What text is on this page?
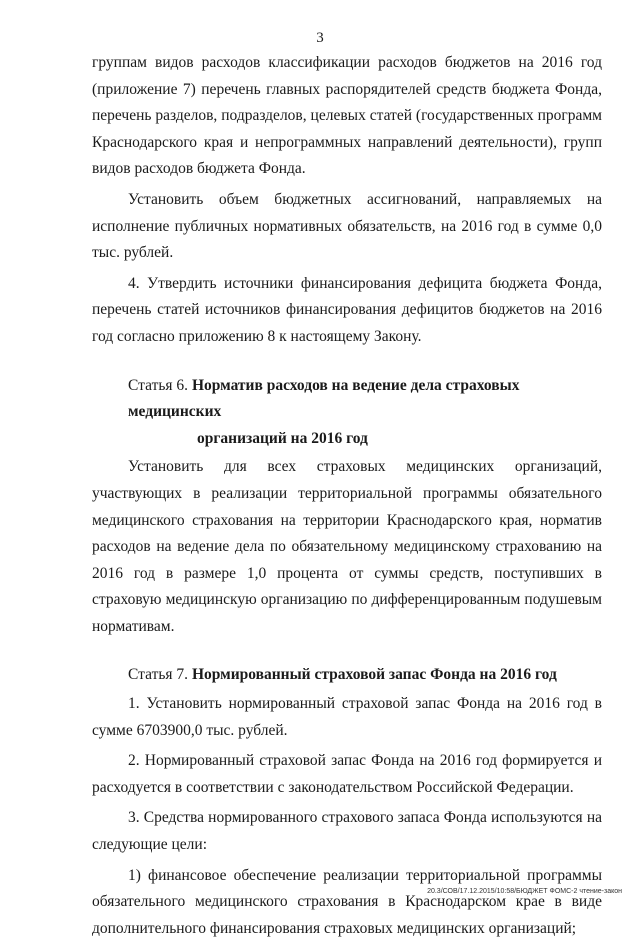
3

группам видов расходов классификации расходов бюджетов на 2016 год (приложение 7) перечень главных распорядителей средств бюджета Фонда, перечень разделов, подразделов, целевых статей (государственных программ Краснодарского края и непрограммных направлений деятельности), групп видов расходов бюджета Фонда.

Установить объем бюджетных ассигнований, направляемых на исполнение публичных нормативных обязательств, на 2016 год в сумме 0,0 тыс. рублей.

4. Утвердить источники финансирования дефицита бюджета Фонда, перечень статей источников финансирования дефицитов бюджетов на 2016 год согласно приложению 8 к настоящему Закону.

Статья 6. Норматив расходов на ведение дела страховых медицинских
организаций на 2016 год

Установить для всех страховых медицинских организаций, участвующих в реализации территориальной программы обязательного медицинского страхования на территории Краснодарского края, норматив расходов на ведение дела по обязательному медицинскому страхованию на 2016 год в размере 1,0 процента от суммы средств, поступивших в страховую медицинскую организацию по дифференцированным подушевым нормативам.

Статья 7. Нормированный страховой запас Фонда на 2016 год

1. Установить нормированный страховой запас Фонда на 2016 год в сумме 6703900,0 тыс. рублей.

2. Нормированный страховой запас Фонда на 2016 год формируется и расходуется в соответствии с законодательством Российской Федерации.

3. Средства нормированного страхового запаса Фонда используются на следующие цели:

1) финансовое обеспечение реализации территориальной программы обязательного медицинского страхования в Краснодарском крае в виде дополнительного финансирования страховых медицинских организаций;

20.3/СОВ/17.12.2015/10:58/БЮДЖЕТ ФОМС-2 чтение-закон
